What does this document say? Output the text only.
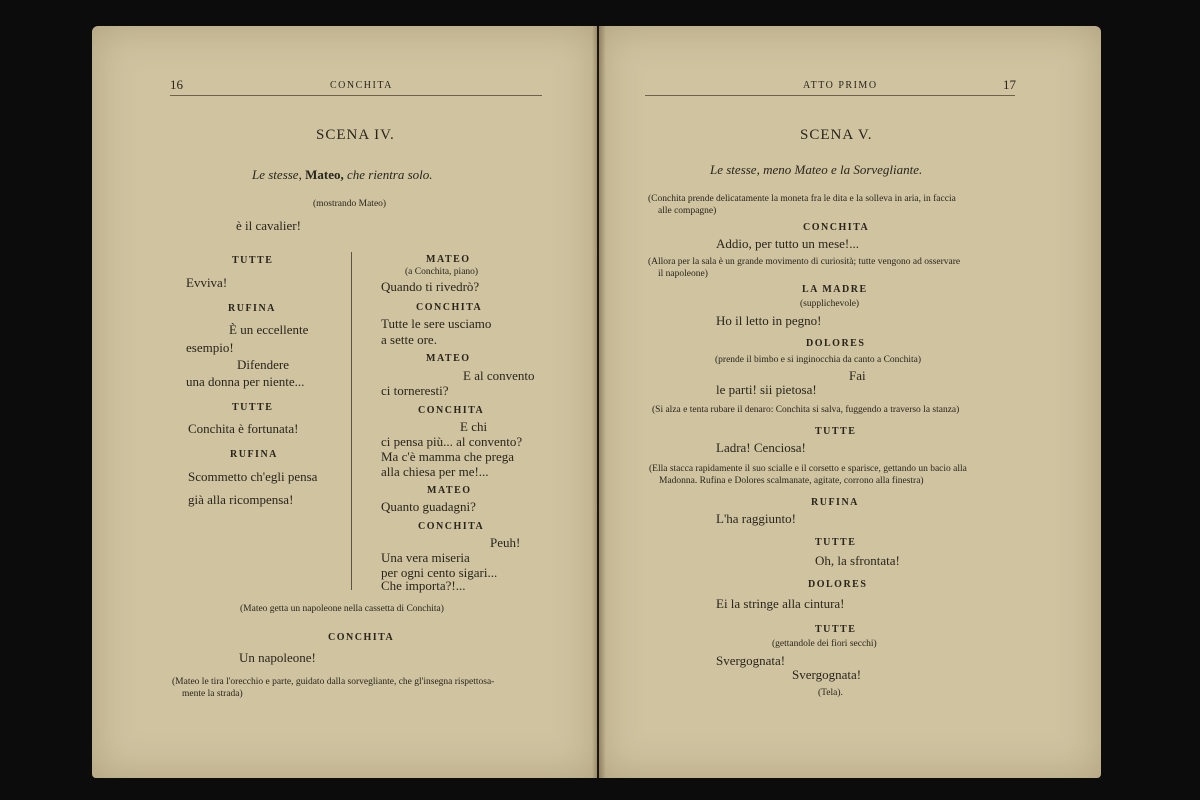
16	CONCHITA
SCENA IV.
Le stesse, Mateo, che rientra solo.
(mostrando Mateo)
è il cavalier!
TUTTE
Evviva!
RUFINA
È un eccellente
esempio!
Difendere
una donna per niente...
TUTTE
Conchita è fortunata!
RUFINA
Scommetto ch'egli pensa
già alla ricompensa!
MATEO
(a Conchita, piano)
Quando ti rivedrò?
CONCHITA
Tutte le sere usciamo
a sette ore.
MATEO
E al convento
ci torneresti?
CONCHITA
E chi
ci pensa più... al convento?
Ma c'è mamma che prega
alla chiesa per me!...
MATEO
Quanto guadagni?
CONCHITA
Peuh!
Una vera miseria
per ogni cento sigari...
Che importa?!...
(Mateo getta un napoleone nella cassetta di Conchita)
CONCHITA
Un napoleone!
(Mateo le tira l'orecchio e parte, guidato dalla sorvegliante, che gl'insegna rispettosa-
mente la strada)
ATTO PRIMO	17
SCENA V.
Le stesse, meno Mateo e la Sorvegliante.
(Conchita prende delicatamente la moneta fra le dita e la solleva in aria, in faccia
alle compagne)
CONCHITA
Addio, per tutto un mese!...
(Allora per la sala è un grande movimento di curiosità; tutte vengono ad osservare
il napoleone)
LA MADRE
(supplichevole)
Ho il letto in pegno!
DOLORES
(prende il bimbo e si inginocchia da canto a Conchita)
Fai
le parti! sii pietosa!
(Si alza e tenta rubare il denaro: Conchita si salva, fuggendo a traverso la stanza)
TUTTE
Ladra! Cenciosa!
(Ella stacca rapidamente il suo scialle e il corsetto e sparisce, gettando un bacio alla
Madonna. Rufina e Dolores scalmanate, agitate, corrono alla finestra)
RUFINA
L'ha raggiunto!
TUTTE
Oh, la sfrontata!
DOLORES
Ei la stringe alla cintura!
TUTTE
(gettandole dei fiori secchi)
Svergognata!
Svergognata!
(Tela).
